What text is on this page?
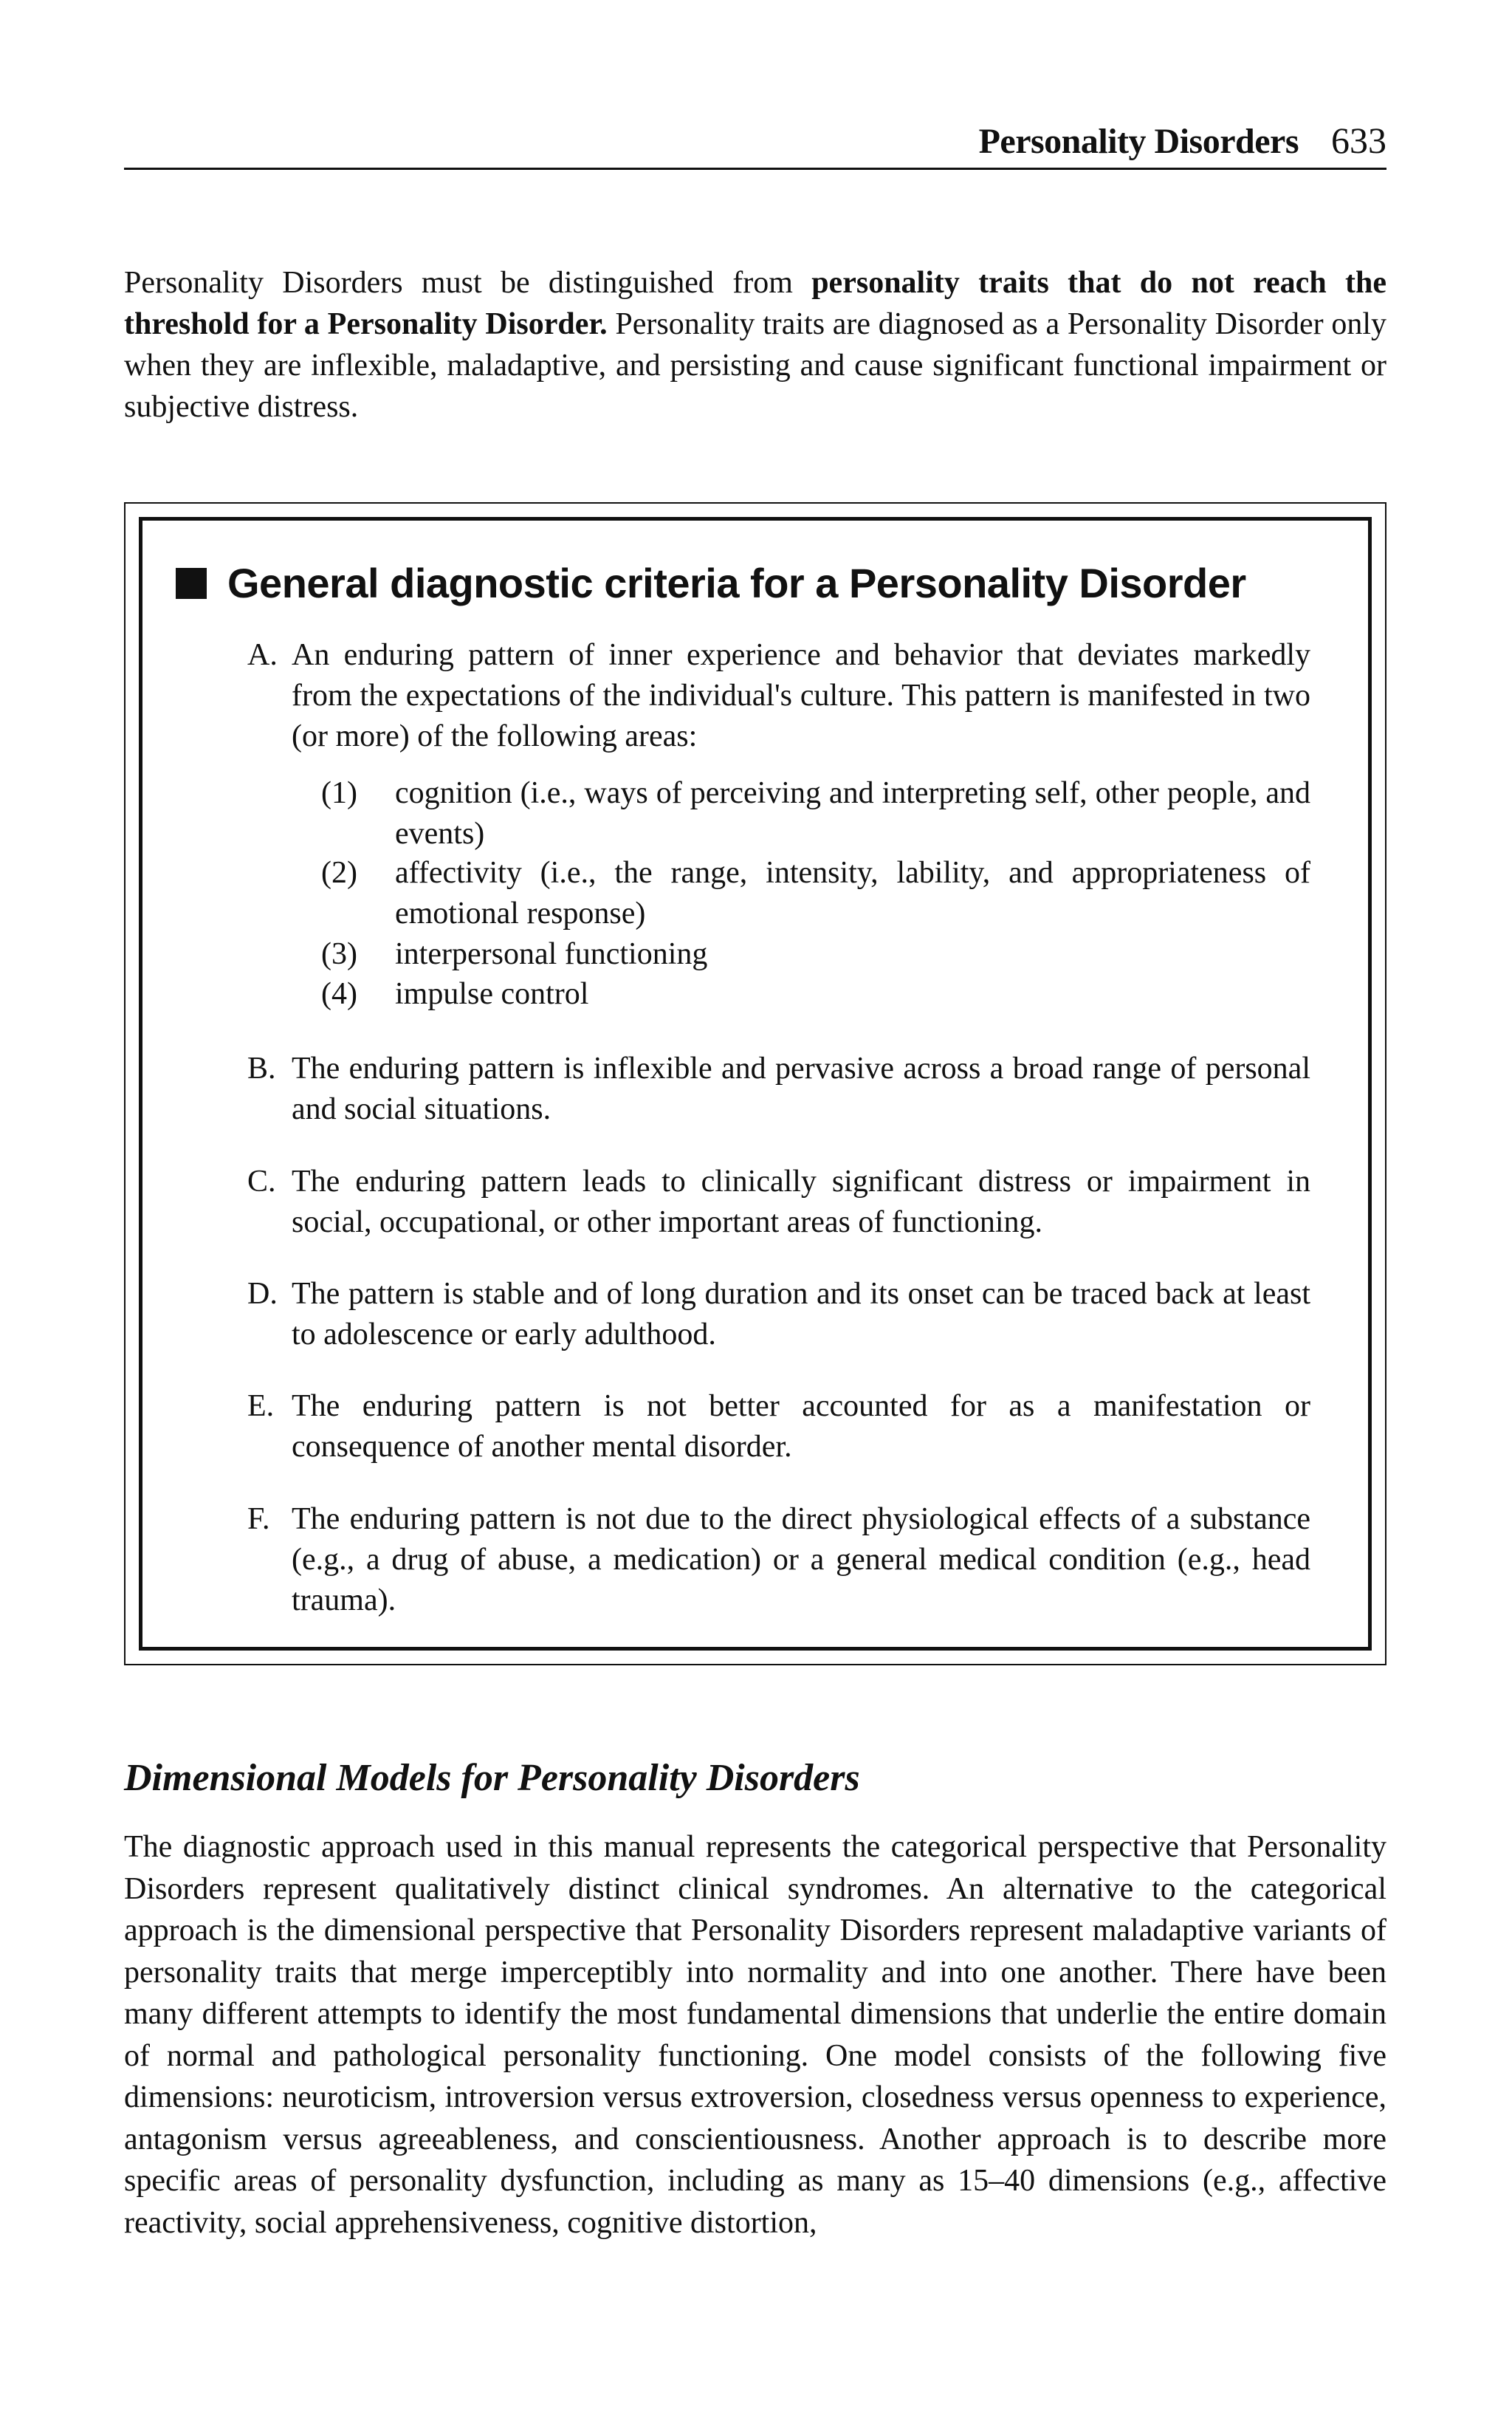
Personality Disorders 633

Personality Disorders must be distinguished from personality traits that do not reach the threshold for a Personality Disorder. Personality traits are diagnosed as a Personality Disorder only when they are inflexible, maladaptive, and persisting and cause significant functional impairment or subjective distress.

General diagnostic criteria for a Personality Disorder
A. An enduring pattern of inner experience and behavior that deviates markedly from the expectations of the individual's culture. This pattern is manifested in two (or more) of the following areas:
(1)	cognition (i.e., ways of perceiving and interpreting self, other people, and events)
(2)	affectivity (i.e., the range, intensity, lability, and appropriateness of emotional response)
(3)	interpersonal functioning
(4)	impulse control
B. The enduring pattern is inflexible and pervasive across a broad range of personal and social situations.
C. The enduring pattern leads to clinically significant distress or impairment in social, occupational, or other important areas of functioning.
D. The pattern is stable and of long duration and its onset can be traced back at least to adolescence or early adulthood.
E. The enduring pattern is not better accounted for as a manifestation or consequence of another mental disorder.
F. The enduring pattern is not due to the direct physiological effects of a substance (e.g., a drug of abuse, a medication) or a general medical condition (e.g., head trauma).
Dimensional Models for Personality Disorders

The diagnostic approach used in this manual represents the categorical perspective that Personality Disorders represent qualitatively distinct clinical syndromes. An alternative to the categorical approach is the dimensional perspective that Personality Disorders represent maladaptive variants of personality traits that merge imperceptibly into normality and into one another. There have been many different attempts to identify the most fundamental dimensions that underlie the entire domain of normal and pathological personality functioning. One model consists of the following five dimensions: neuroticism, introversion versus extroversion, closedness versus openness to experience, antagonism versus agreeableness, and conscientiousness. Another approach is to describe more specific areas of personality dysfunction, including as many as 15–40 dimensions (e.g., affective reactivity, social apprehensiveness, cognitive distortion,
